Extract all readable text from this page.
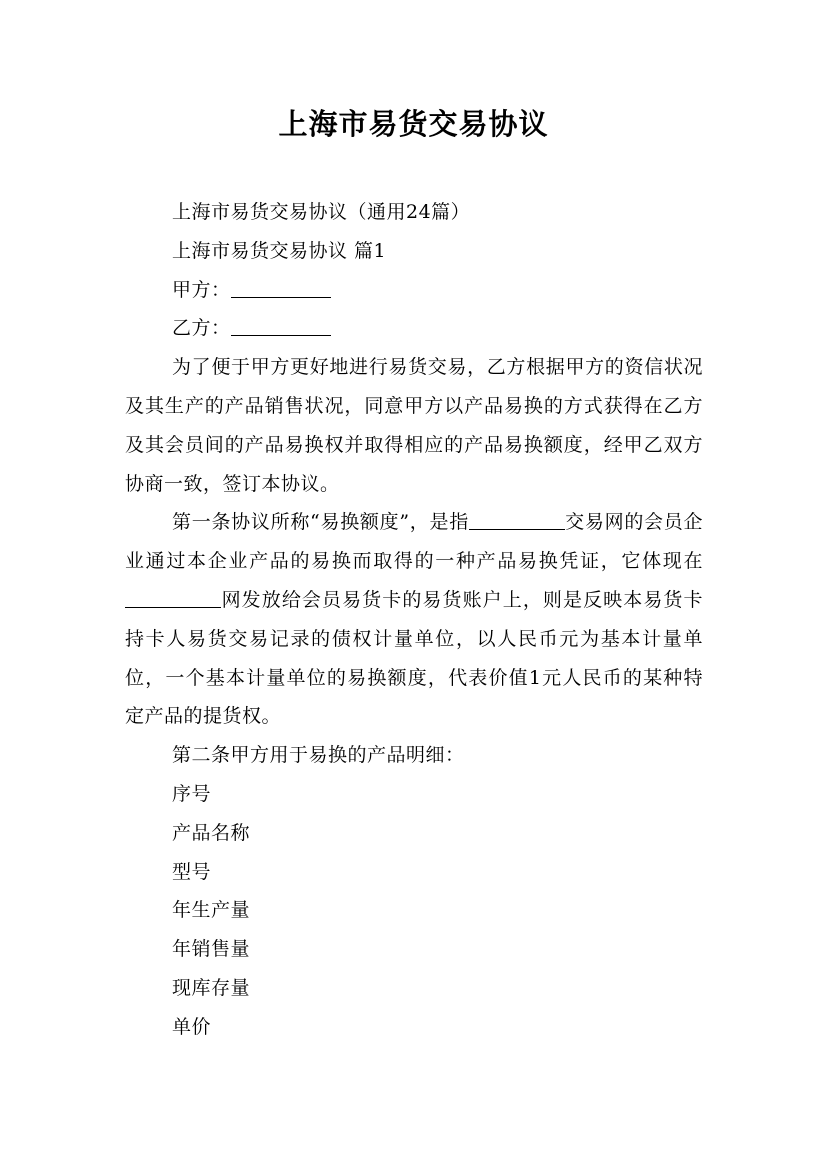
上海市易货交易协议

上海市易货交易协议（通用24篇）

上海市易货交易协议 篇1

甲方：

乙方：

为了便于甲方更好地进行易货交易，乙方根据甲方的资信状况及其生产的产品销售状况，同意甲方以产品易换的方式获得在乙方及其会员间的产品易换权并取得相应的产品易换额度，经甲乙双方协商一致，签订本协议。

第一条协议所称“易换额度”，是指	交易网的会员企业通过本企业产品的易换而取得的一种产品易换凭证，它体现在网发放给会员易货卡的易货账户上，则是反映本易货卡持卡人易货交易记录的债权计量单位，以人民币元为基本计量单位，一个基本计量单位的易换额度，代表价值1元人民币的某种特定产品的提货权。

第二条甲方用于易换的产品明细：

序号

产品名称

型号

年生产量

年销售量

现库存量

单价
